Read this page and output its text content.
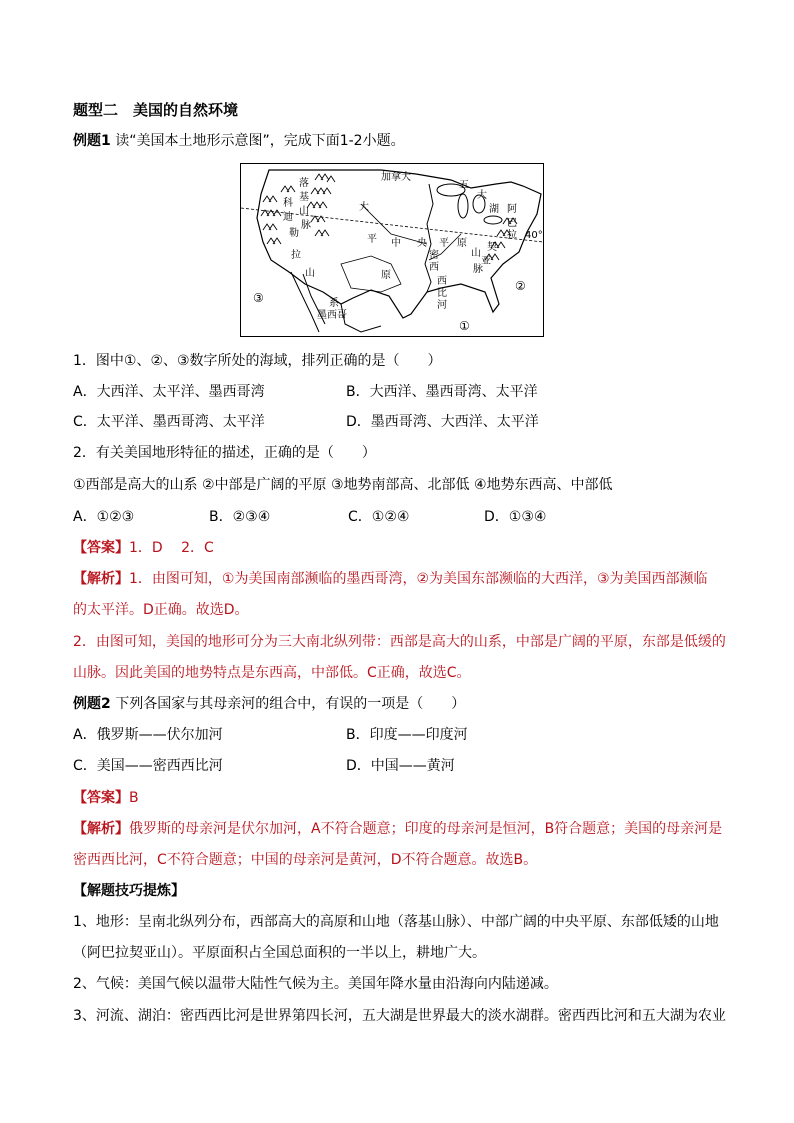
题型二　美国的自然环境
例题1 读“美国本土地形示意图”，完成下面1-2小题。
加拿大
墨西哥
40°
①
②
③
落
基
山
脉
科
迪
勒
拉
山
系
大
平
原
中 央 平 原
五
大
湖 阿
巴
拉
契
亚
山
脉
密
西
西
比
河
1．图中①、②、③数字所处的海域，排列正确的是（　　）
A．大西洋、太平洋、墨西哥湾	B．大西洋、墨西哥湾、太平洋
C．太平洋、墨西哥湾、太平洋	D．墨西哥湾、大西洋、太平洋
2．有关美国地形特征的描述，正确的是（　　）
①西部是高大的山系 ②中部是广阔的平原 ③地势南部高、北部低 ④地势东西高、中部低
A．①②③	B．②③④	C．①②④	D．①③④
【答案】1．D　 2．C
【解析】1．由图可知，①为美国南部濒临的墨西哥湾，②为美国东部濒临的大西洋，③为美国西部濒临
的太平洋。D正确。故选D。
2．由图可知，美国的地形可分为三大南北纵列带：西部是高大的山系，中部是广阔的平原，东部是低缓的
山脉。因此美国的地势特点是东西高，中部低。C正确，故选C。
例题2 下列各国家与其母亲河的组合中，有误的一项是（　　）
A．俄罗斯——伏尔加河	B．印度——印度河
C．美国——密西西比河	D．中国——黄河
【答案】B
【解析】俄罗斯的母亲河是伏尔加河，A不符合题意；印度的母亲河是恒河，B符合题意；美国的母亲河是
密西西比河，C不符合题意；中国的母亲河是黄河，D不符合题意。故选B。
【解题技巧提炼】
1、地形：呈南北纵列分布，西部高大的高原和山地（落基山脉）、中部广阔的中央平原、东部低矮的山地
（阿巴拉契亚山）。平原面积占全国总面积的一半以上，耕地广大。
2、气候：美国气候以温带大陆性气候为主。美国年降水量由沿海向内陆递减。
3、河流、湖泊：密西西比河是世界第四长河，五大湖是世界最大的淡水湖群。密西西比河和五大湖为农业
